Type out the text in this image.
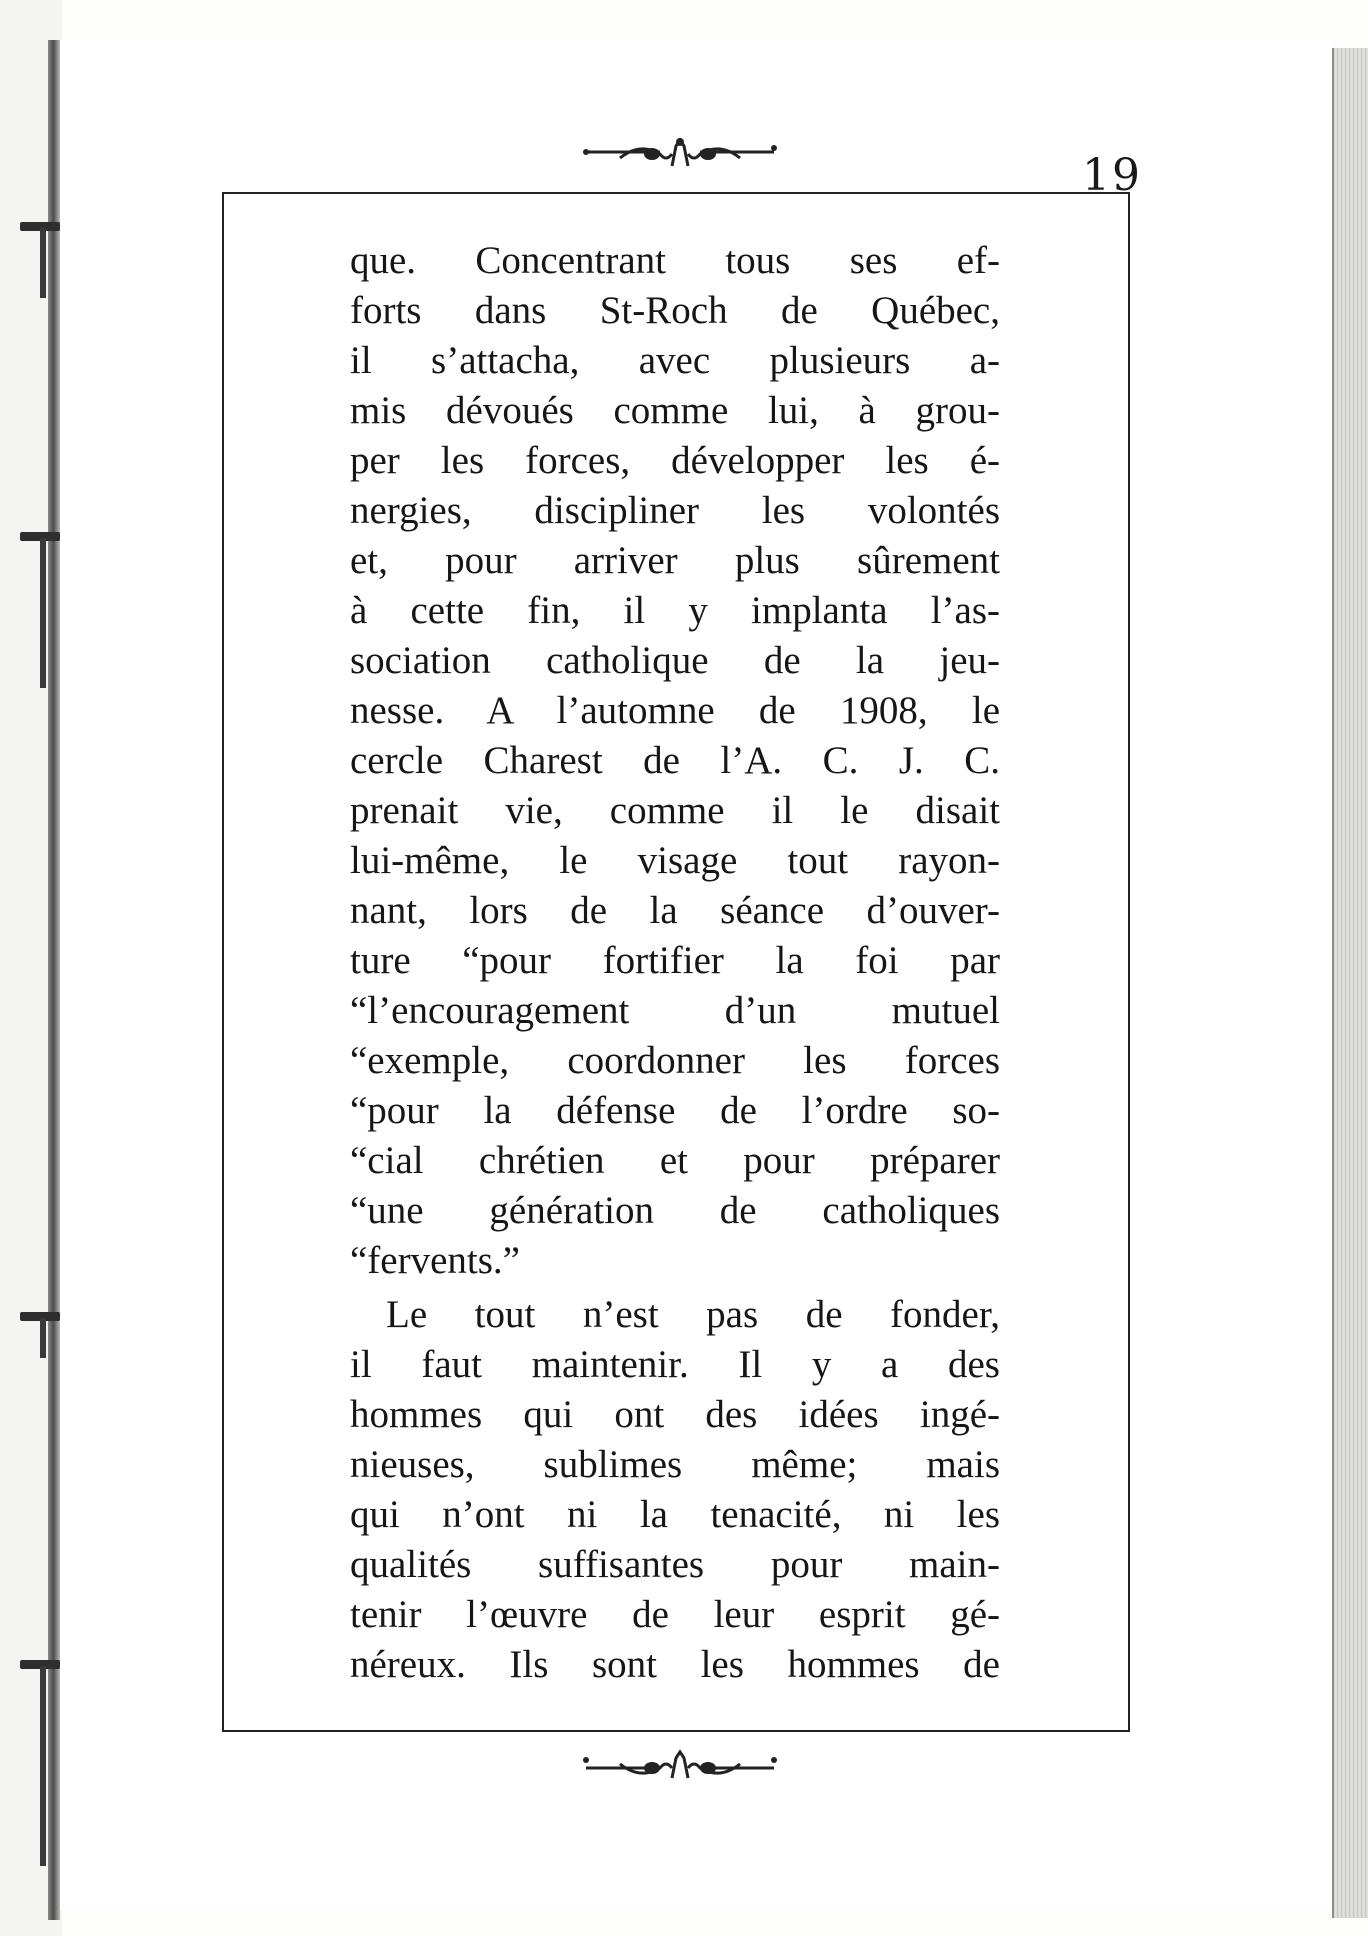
19
que. Concentrant tous ses ef-
forts dans St-Roch de Québec,
il s’attacha, avec plusieurs a-
mis dévoués comme lui, à grou-
per les forces, développer les é-
nergies, discipliner les volontés
et, pour arriver plus sûrement
à cette fin, il y implanta l’as-
sociation catholique de la jeu-
nesse. A l’automne de 1908, le
cercle Charest de l’A. C. J. C.
prenait vie, comme il le disait
lui-même, le visage tout rayon-
nant, lors de la séance d’ouver-
ture “pour fortifier la foi par
“l’encouragement d’un mutuel
“exemple, coordonner les forces
“pour la défense de l’ordre so-
“cial chrétien et pour préparer
“une génération de catholiques
“fervents.”
Le tout n’est pas de fonder,
il faut maintenir. Il y a des
hommes qui ont des idées ingé-
nieuses, sublimes même; mais
qui n’ont ni la tenacité, ni les
qualités suffisantes pour main-
tenir l’œuvre de leur esprit gé-
néreux. Ils sont les hommes de
